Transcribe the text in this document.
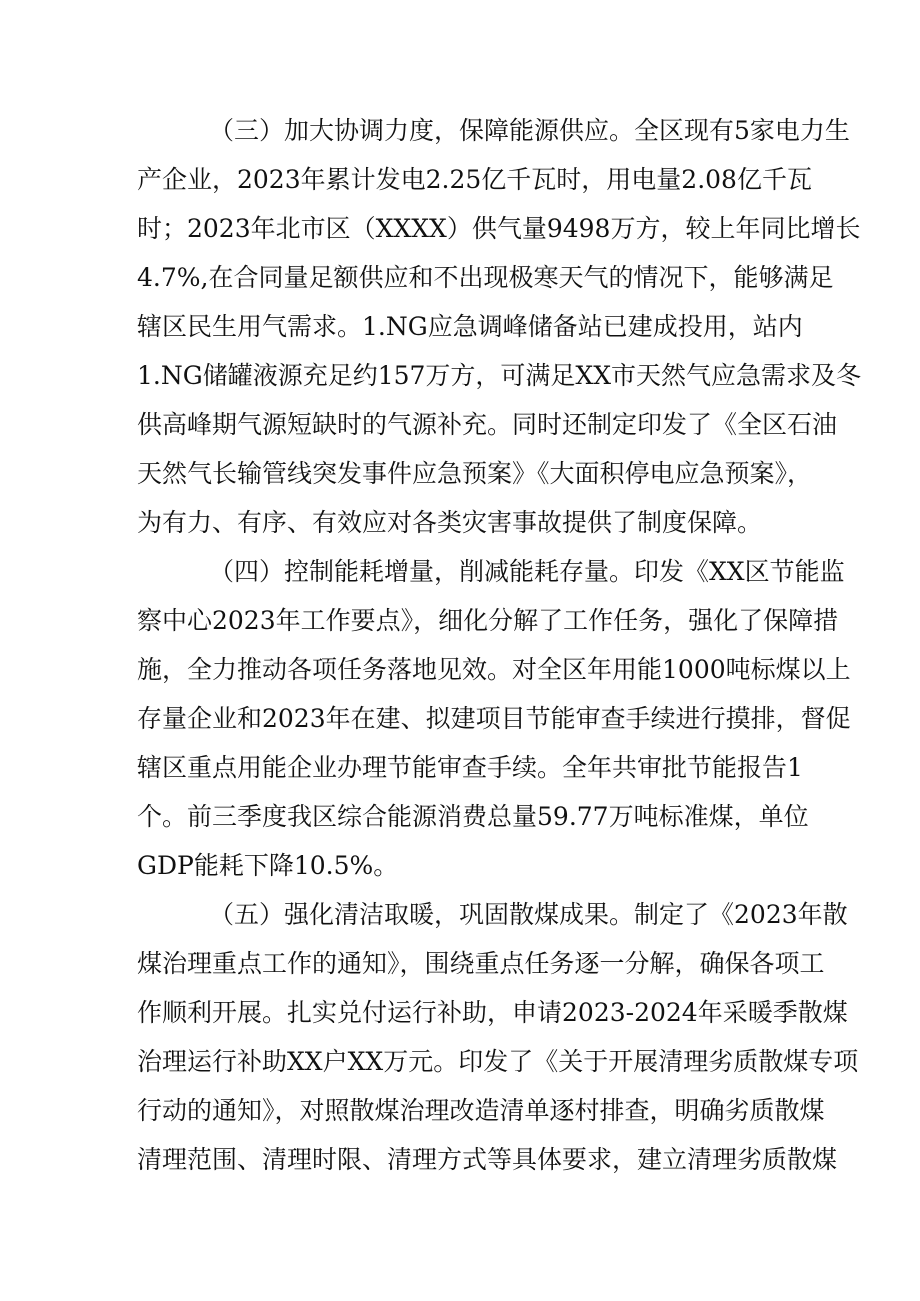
（三）加大协调力度，保障能源供应。全区现有5家电力生
产企业，2023年累计发电2.25亿千瓦时，用电量2.08亿千瓦
时；2023年北市区（XXXX）供气量9498万方，较上年同比增长
4.7%,在合同量足额供应和不出现极寒天气的情况下，能够满足
辖区民生用气需求。1.NG应急调峰储备站已建成投用，站内
1.NG储罐液源充足约157万方，可满足XX市天然气应急需求及冬
供高峰期气源短缺时的气源补充。同时还制定印发了《全区石油
天然气长输管线突发事件应急预案》《大面积停电应急预案》，
为有力、有序、有效应对各类灾害事故提供了制度保障。
（四）控制能耗增量，削减能耗存量。印发《XX区节能监
察中心2023年工作要点》，细化分解了工作任务，强化了保障措
施，全力推动各项任务落地见效。对全区年用能1000吨标煤以上
存量企业和2023年在建、拟建项目节能审查手续进行摸排，督促
辖区重点用能企业办理节能审查手续。全年共审批节能报告1
个。前三季度我区综合能源消费总量59.77万吨标准煤，单位
GDP能耗下降10.5%。
（五）强化清洁取暖，巩固散煤成果。制定了《2023年散
煤治理重点工作的通知》，围绕重点任务逐一分解，确保各项工
作顺利开展。扎实兑付运行补助，申请2023-2024年采暖季散煤
治理运行补助XX户XX万元。印发了《关于开展清理劣质散煤专项
行动的通知》，对照散煤治理改造清单逐村排查，明确劣质散煤
清理范围、清理时限、清理方式等具体要求，建立清理劣质散煤
